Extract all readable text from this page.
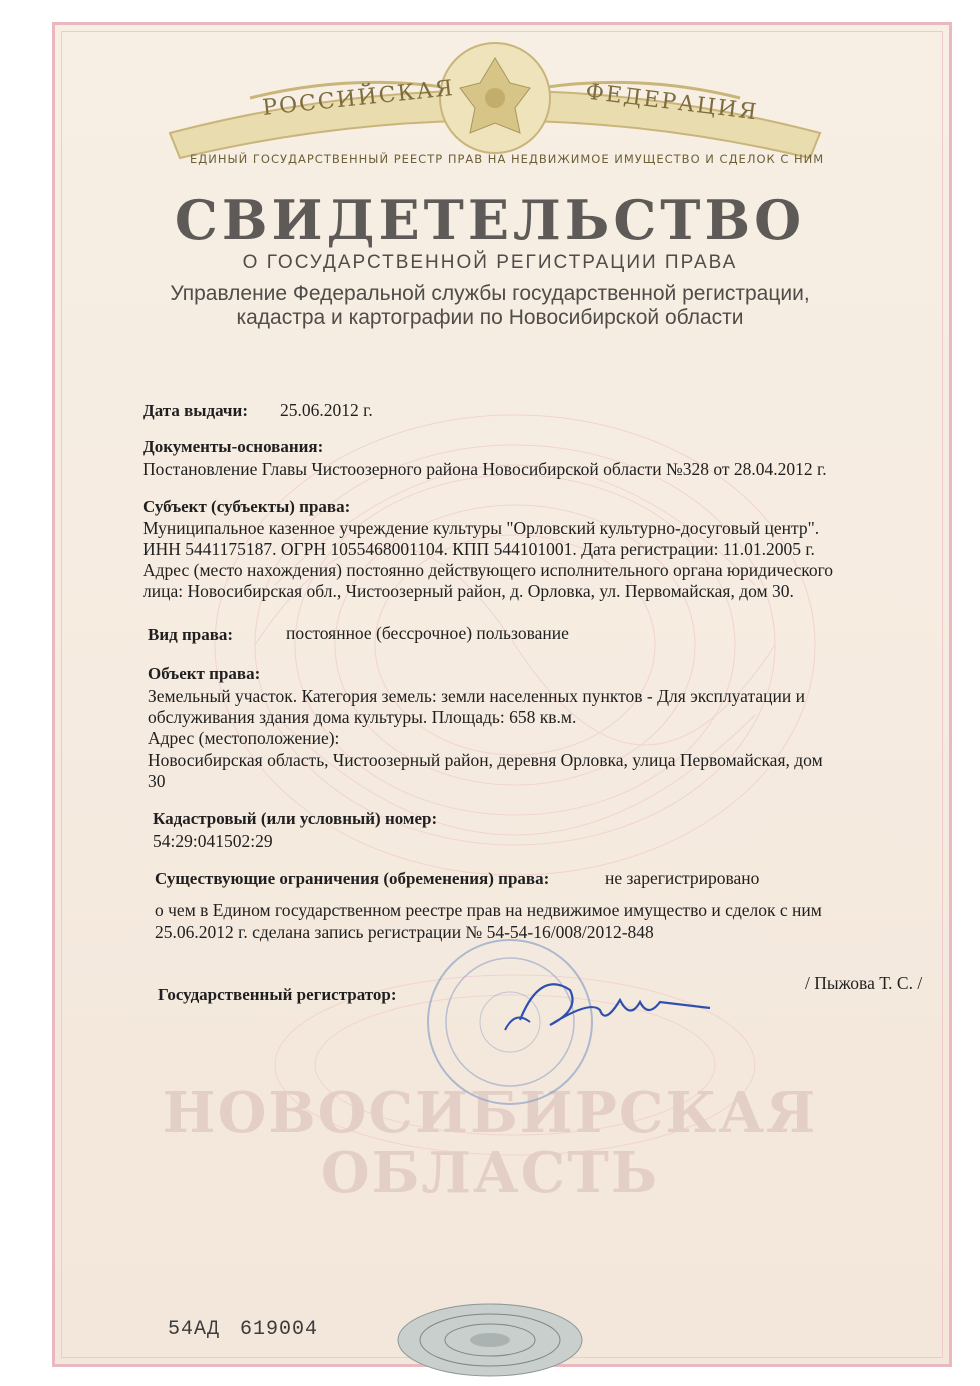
РОССИЙСКАЯ	ФЕДЕРАЦИЯ
ЕДИНЫЙ ГОСУДАРСТВЕННЫЙ РЕЕСТР ПРАВ НА НЕДВИЖИМОЕ ИМУЩЕСТВО И СДЕЛОК С НИМ
СВИДЕТЕЛЬСТВО
О ГОСУДАРСТВЕННОЙ РЕГИСТРАЦИИ ПРАВА
Управление Федеральной службы государственной регистрации,
кадастра и картографии по Новосибирской области
НОВОСИБИРСКАЯ
ОБЛАСТЬ
Дата выдачи: 25.06.2012 г.
Документы-основания:
Постановление Главы Чистоозерного района Новосибирской области №328 от 28.04.2012 г.
Субъект (субъекты) права:
Муниципальное казенное учреждение культуры "Орловский культурно-досуговый центр".
ИНН 5441175187. ОГРН 1055468001104. КПП 544101001. Дата регистрации: 11.01.2005 г.
Адрес (место нахождения) постоянно действующего исполнительного органа юридического
лица: Новосибирская обл., Чистоозерный район, д. Орловка, ул. Первомайская, дом 30.
Вид права:	постоянное (бессрочное) пользование
Объект права:
Земельный участок. Категория земель: земли населенных пунктов - Для эксплуатации и
обслуживания здания дома культуры. Площадь: 658 кв.м.
Адрес (местоположение):
Новосибирская область, Чистоозерный район, деревня Орловка, улица Первомайская, дом
30
Кадастровый (или условный) номер:
54:29:041502:29
Существующие ограничения (обременения) права:	не зарегистрировано
о чем в Едином государственном реестре прав на недвижимое имущество и сделок с ним
25.06.2012 г. сделана запись регистрации № 54-54-16/008/2012-848
Государственный регистратор:
/ Пыжова Т. С. /
54АД 619004
